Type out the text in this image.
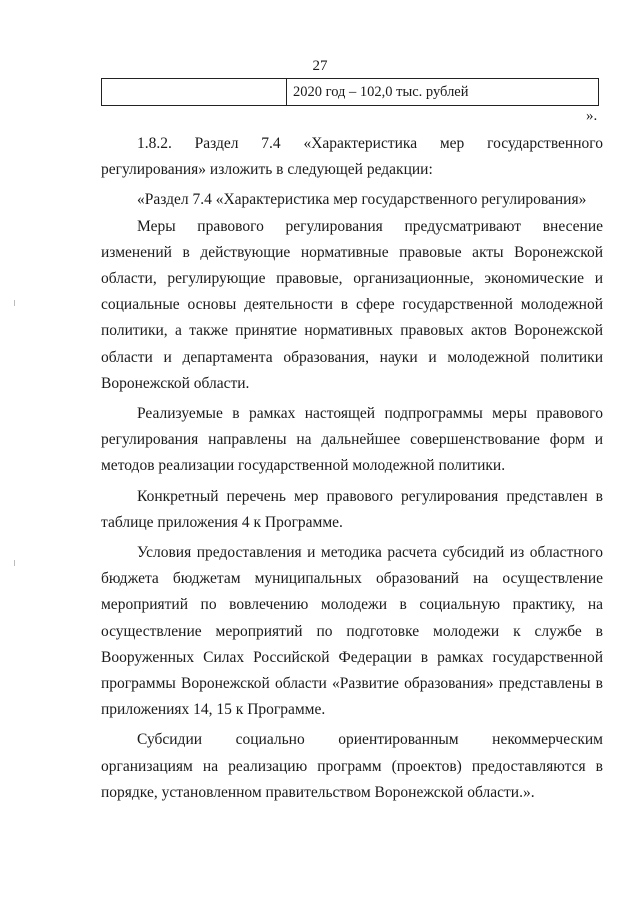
27
	2020 год – 102,0 тыс. рублей
».

1.8.2. Раздел 7.4 «Характеристика мер государственного регулирования» изложить в следующей редакции:

«Раздел 7.4 «Характеристика мер государственного регулирования»

Меры правового регулирования предусматривают внесение изменений в действующие нормативные правовые акты Воронежской области, регулирующие правовые, организационные, экономические и социальные основы деятельности в сфере государственной молодежной политики, а также принятие нормативных правовых актов Воронежской области и департамента образования, науки и молодежной политики Воронежской области.

Реализуемые в рамках настоящей подпрограммы меры правового регулирования направлены на дальнейшее совершенствование форм и методов реализации государственной молодежной политики.

Конкретный перечень мер правового регулирования представлен в таблице приложения 4 к Программе.

Условия предоставления и методика расчета субсидий из областного бюджета бюджетам муниципальных образований на осуществление мероприятий по вовлечению молодежи в социальную практику, на осуществление мероприятий по подготовке молодежи к службе в Вооруженных Силах Российской Федерации в рамках государственной программы Воронежской области «Развитие образования» представлены в приложениях 14, 15 к Программе.

Субсидии социально ориентированным некоммерческим организациям на реализацию программ (проектов) предоставляются в порядке, установленном правительством Воронежской области.».
